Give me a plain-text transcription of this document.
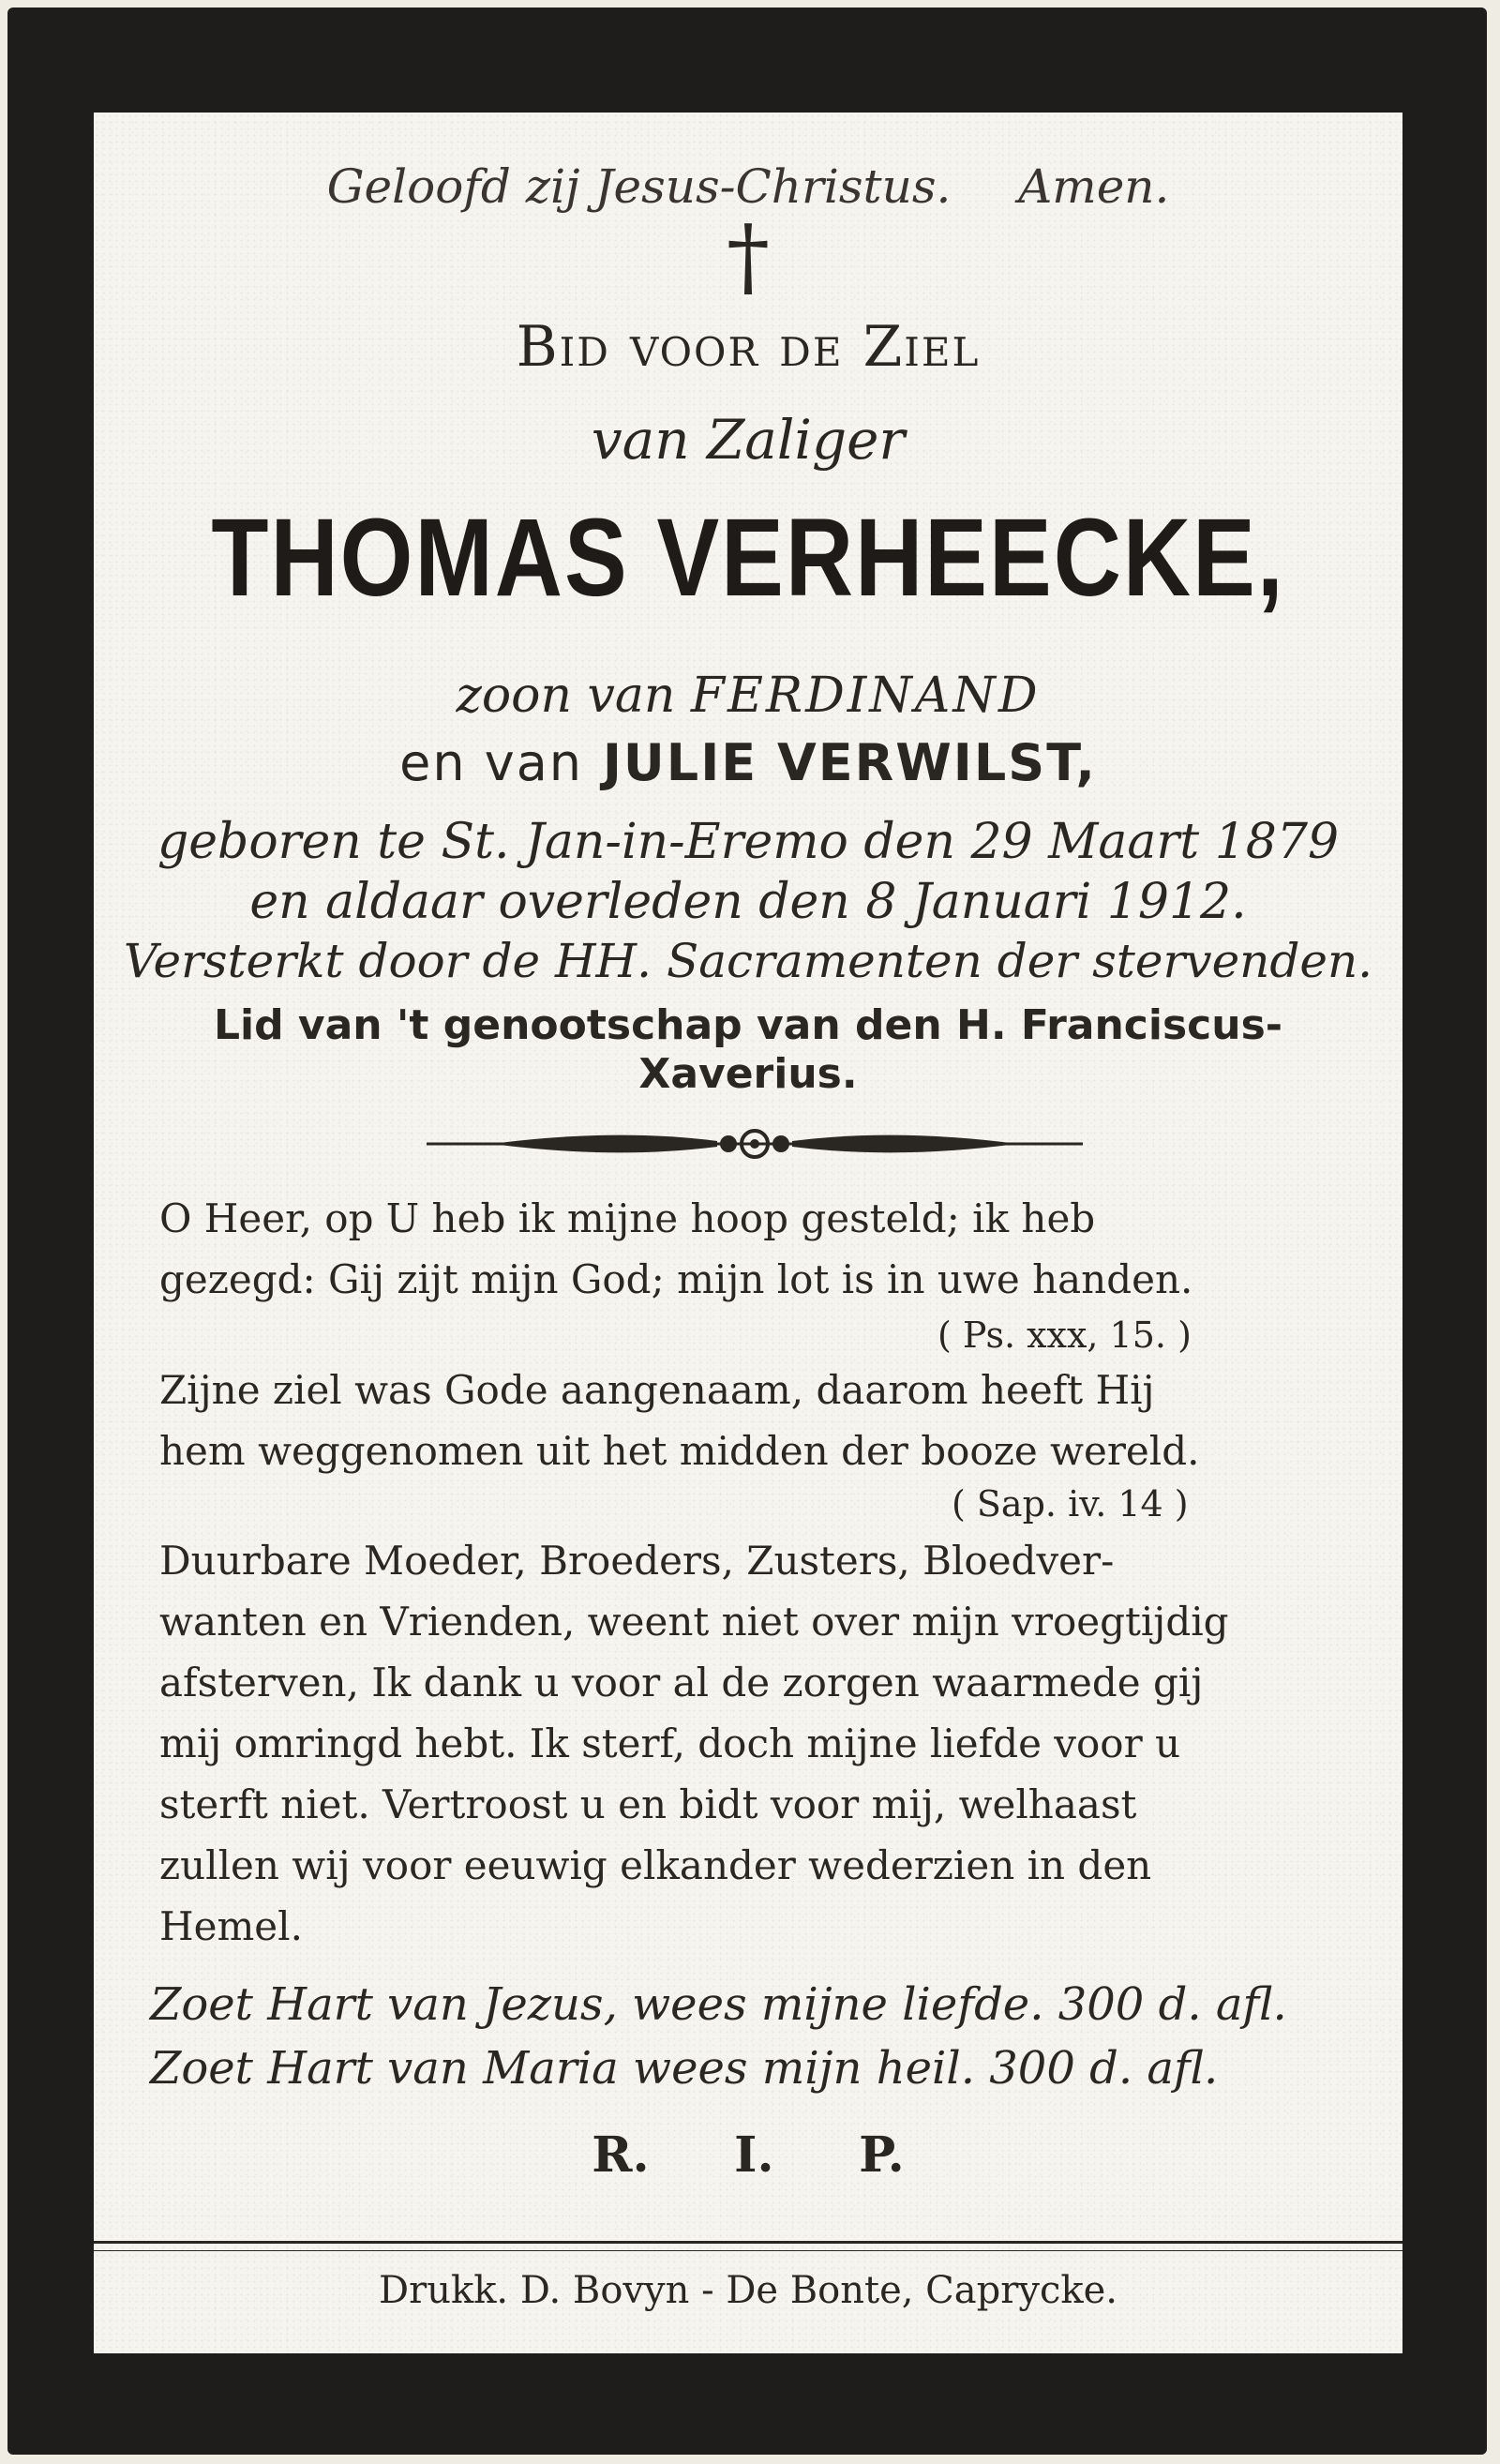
Geloofd zij Jesus-Christus. Amen.
†
Bid voor de Ziel
van Zaliger
THOMAS VERHEECKE,
zoon van FERDINAND
en van JULIE VERWILST,
geboren te St. Jan-in-Eremo den 29 Maart 1879
en aldaar overleden den 8 Januari 1912.
Versterkt door de HH. Sacramenten der stervenden.
Lid van 't genootschap van den H. Franciscus-
Xaverius.
O Heer, op U heb ik mijne hoop gesteld; ik heb
gezegd: Gij zijt mijn God; mijn lot is in uwe handen.
( Ps. xxx, 15. )
Zijne ziel was Gode aangenaam, daarom heeft Hij
hem weggenomen uit het midden der booze wereld.
( Sap. iv. 14 )
Duurbare Moeder, Broeders, Zusters, Bloedver-
wanten en Vrienden, weent niet over mijn vroegtijdig
afsterven, Ik dank u voor al de zorgen waarmede gij
mij omringd hebt. Ik sterf, doch mijne liefde voor u
sterft niet. Vertroost u en bidt voor mij, welhaast
zullen wij voor eeuwig elkander wederzien in den
Hemel.
Zoet Hart van Jezus, wees mijne liefde. 300 d. afl.
Zoet Hart van Maria wees mijn heil. 300 d. afl.
R.     I.     P.
Drukk. D. Bovyn - De Bonte, Caprycke.
